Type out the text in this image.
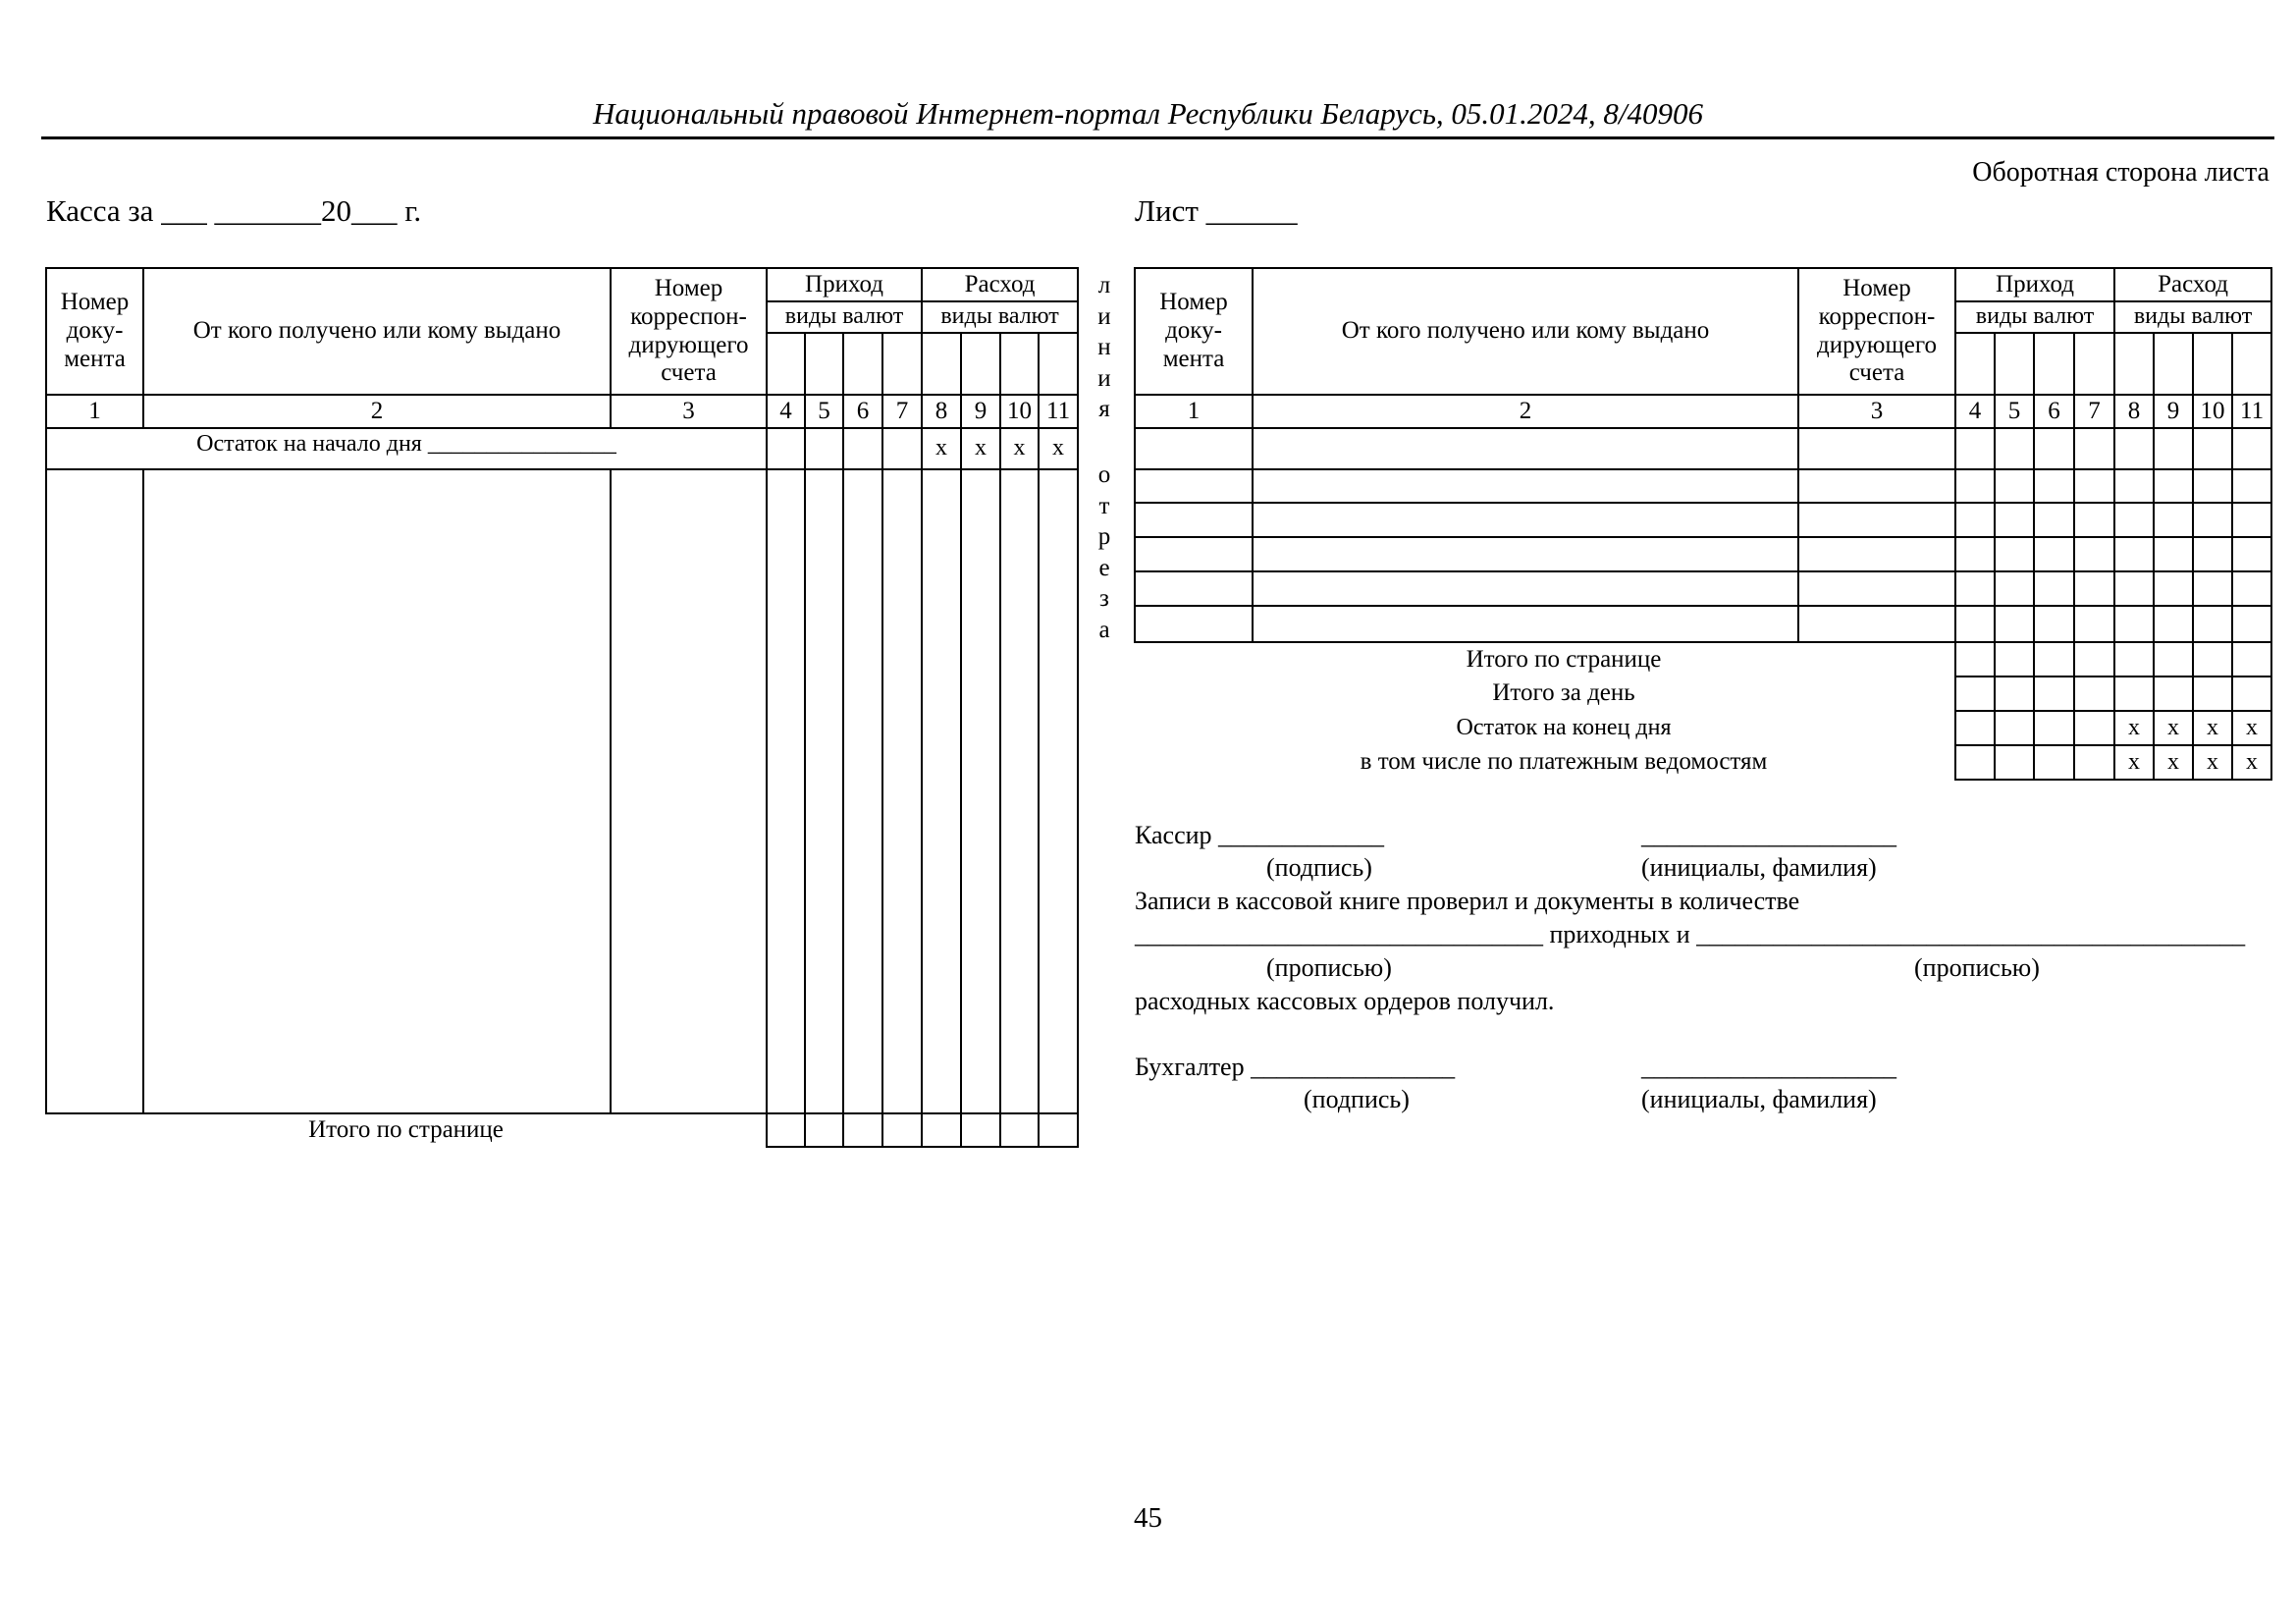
Национальный правовой Интернет-портал Республики Беларусь, 05.01.2024, 8/40906
Оборотная сторона листа
Касса за ___ _______20___ г.	Лист ______
Номер доку-мента	От кого получено или кому выдано	Номер корреспон-дирующего счета	Приход				Расход			
			виды валют				виды валют			

1	2	3	4	5	6	7	8	9	10	11
Остаток на начало дня ________________							x	x	x	x

Итого по странице										
л
и
н
и
я
о
т
р
е
з
а
Номер доку-мента	От кого получено или кому выдано	Номер корреспон-дирующего счета	Приход				Расход			
			виды валют				виды валют			

1	2	3	4	5	6	7	8	9	10	11

Итого по странице										
Итого за день										
Остаток на конец дня							x	x	x	x
в том числе по платежным ведомостям							x	x	x	x
Кассир _____________	____________________
(подпись)	(инициалы, фамилия)
Записи в кассовой книге проверил и документы в количестве
________________________________ приходных и ___________________________________________
(прописью)	(прописью)
расходных кассовых ордеров получил.
Бухгалтер ________________	____________________
(подпись)	(инициалы, фамилия)
45
